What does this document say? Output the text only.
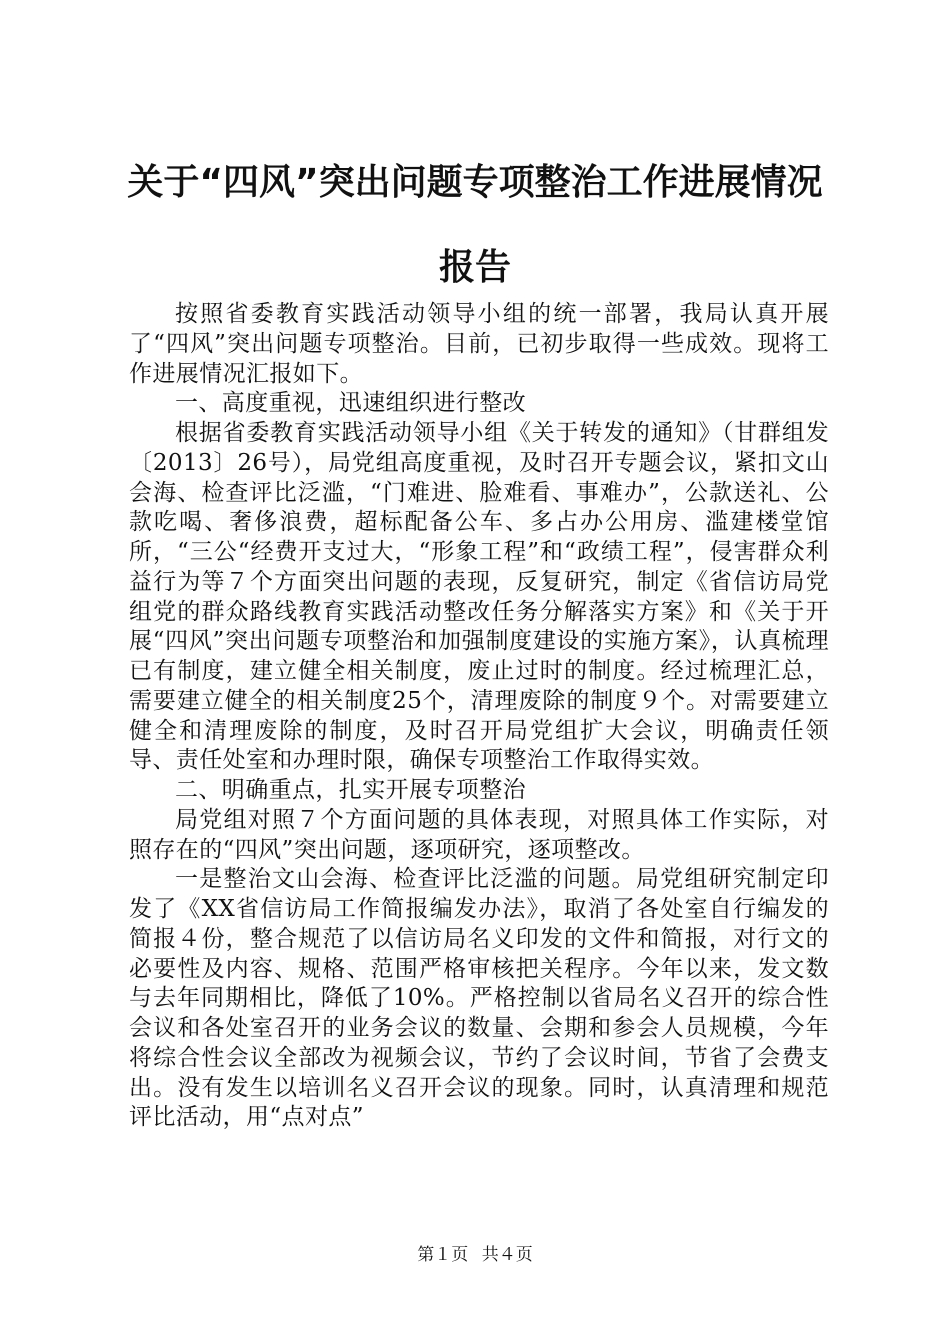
关于“四风”突出问题专项整治工作进展情况
报告

按照省委教育实践活动领导小组的统一部署，我局认真开展了“四风”突出问题专项整治。目前，已初步取得一些成效。现将工作进展情况汇报如下。

一、高度重视，迅速组织进行整改

根据省委教育实践活动领导小组《关于转发的通知》（甘群组发〔2013〕26号），局党组高度重视，及时召开专题会议，紧扣文山会海、检查评比泛滥，“门难进、脸难看、事难办”，公款送礼、公款吃喝、奢侈浪费，超标配备公车、多占办公用房、滥建楼堂馆所，“三公“经费开支过大，“形象工程”和“政绩工程”，侵害群众利益行为等７个方面突出问题的表现，反复研究，制定《省信访局党组党的群众路线教育实践活动整改任务分解落实方案》和《关于开展“四风”突出问题专项整治和加强制度建设的实施方案》，认真梳理已有制度，建立健全相关制度，废止过时的制度。经过梳理汇总，需要建立健全的相关制度25个，清理废除的制度９个。对需要建立健全和清理废除的制度，及时召开局党组扩大会议，明确责任领导、责任处室和办理时限，确保专项整治工作取得实效。

二、明确重点，扎实开展专项整治

局党组对照７个方面问题的具体表现，对照具体工作实际，对照存在的“四风”突出问题，逐项研究，逐项整改。

一是整治文山会海、检查评比泛滥的问题。局党组研究制定印发了《XX省信访局工作简报编发办法》，取消了各处室自行编发的简报４份，整合规范了以信访局名义印发的文件和简报，对行文的必要性及内容、规格、范围严格审核把关程序。今年以来，发文数与去年同期相比，降低了10%。严格控制以省局名义召开的综合性会议和各处室召开的业务会议的数量、会期和参会人员规模，今年将综合性会议全部改为视频会议，节约了会议时间，节省了会费支出。没有发生以培训名义召开会议的现象。同时，认真清理和规范评比活动，用“点对点”

第１页 共４页
